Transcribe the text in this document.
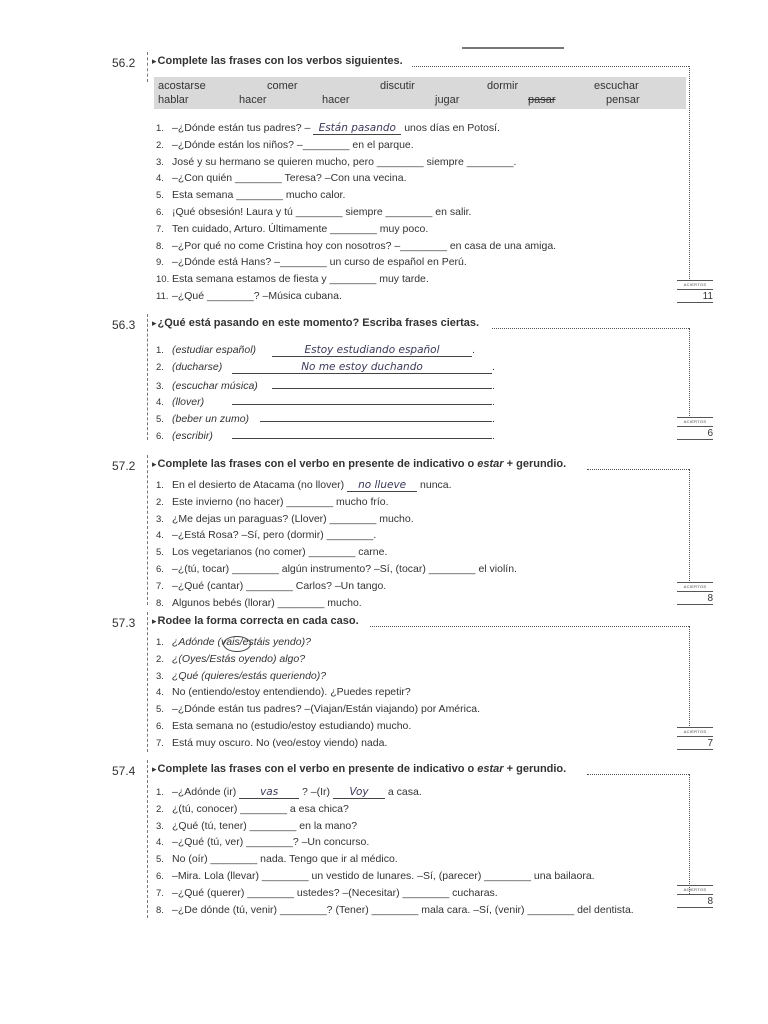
56.2 ▸Complete las frases con los verbos siguientes.
acostarse	comer	discutir	dormir	escuchar
hablar	hacer	hacer	jugar	pasar	pensar
1. –¿Dónde están tus padres? – Están pasando unos días en Potosí.
2. –¿Dónde están los niños? –________ en el parque.
3. José y su hermano se quieren mucho, pero ________ siempre ________.
4. –¿Con quién ________ Teresa? –Con una vecina.
5. Esta semana ________ mucho calor.
6. ¡Qué obsesión! Laura y tú ________ siempre ________ en salir.
7. Ten cuidado, Arturo. Últimamente ________ muy poco.
8. –¿Por qué no come Cristina hoy con nosotros? –________ en casa de una amiga.
9. –¿Dónde está Hans? –________ un curso de español en Perú.
10. Esta semana estamos de fiesta y ________ muy tarde.
11. –¿Qué ________? –Música cubana.
ACIERTOS
11
56.3 ▸¿Qué está pasando en este momento? Escriba frases ciertas.
1. (estudiar español)	Estoy estudiando español	.
2. (ducharse)	No me estoy duchando	.
3. (escuchar música)	.
4. (llover)	.
5. (beber un zumo)	.
6. (escribir)	.
ACIERTOS
6
57.2 ▸Complete las frases con el verbo en presente de indicativo o estar + gerundio.
1. En el desierto de Atacama (no llover) no llueve nunca.
2. Este invierno (no hacer) ________ mucho frío.
3. ¿Me dejas un paraguas? (Llover) ________ mucho.
4. –¿Está Rosa? –Sí, pero (dormir) ________.
5. Los vegetarianos (no comer) ________ carne.
6. –¿(tú, tocar) ________ algún instrumento? –Sí, (tocar) ________ el violín.
7. –¿Qué (cantar) ________ Carlos? –Un tango.
8. Algunos bebés (llorar) ________ mucho.
ACIERTOS
8
57.3 ▸Rodee la forma correcta en cada caso.
1. ¿Adónde (vais/estáis yendo)?
2. ¿(Oyes/Estás oyendo) algo?
3. ¿Qué (quieres/estás queriendo)?
4. No (entiendo/estoy entendiendo). ¿Puedes repetir?
5. –¿Dónde están tus padres? –(Viajan/Están viajando) por América.
6. Esta semana no (estudio/estoy estudiando) mucho.
7. Está muy oscuro. No (veo/estoy viendo) nada.
ACIERTOS
7
57.4 ▸Complete las frases con el verbo en presente de indicativo o estar + gerundio.
1. –¿Adónde (ir) vas ? –(Ir) Voy a casa.
2. ¿(tú, conocer) ________ a esa chica?
3. ¿Qué (tú, tener) ________ en la mano?
4. –¿Qué (tú, ver) ________? –Un concurso.
5. No (oír) ________ nada. Tengo que ir al médico.
6. –Mira. Lola (llevar) ________ un vestido de lunares. –Sí, (parecer) ________ una bailaora.
7. –¿Qué (querer) ________ ustedes? –(Necesitar) ________ cucharas.
8. –¿De dónde (tú, venir) ________? (Tener) ________ mala cara. –Sí, (venir) ________ del dentista.
ACIERTOS
8
